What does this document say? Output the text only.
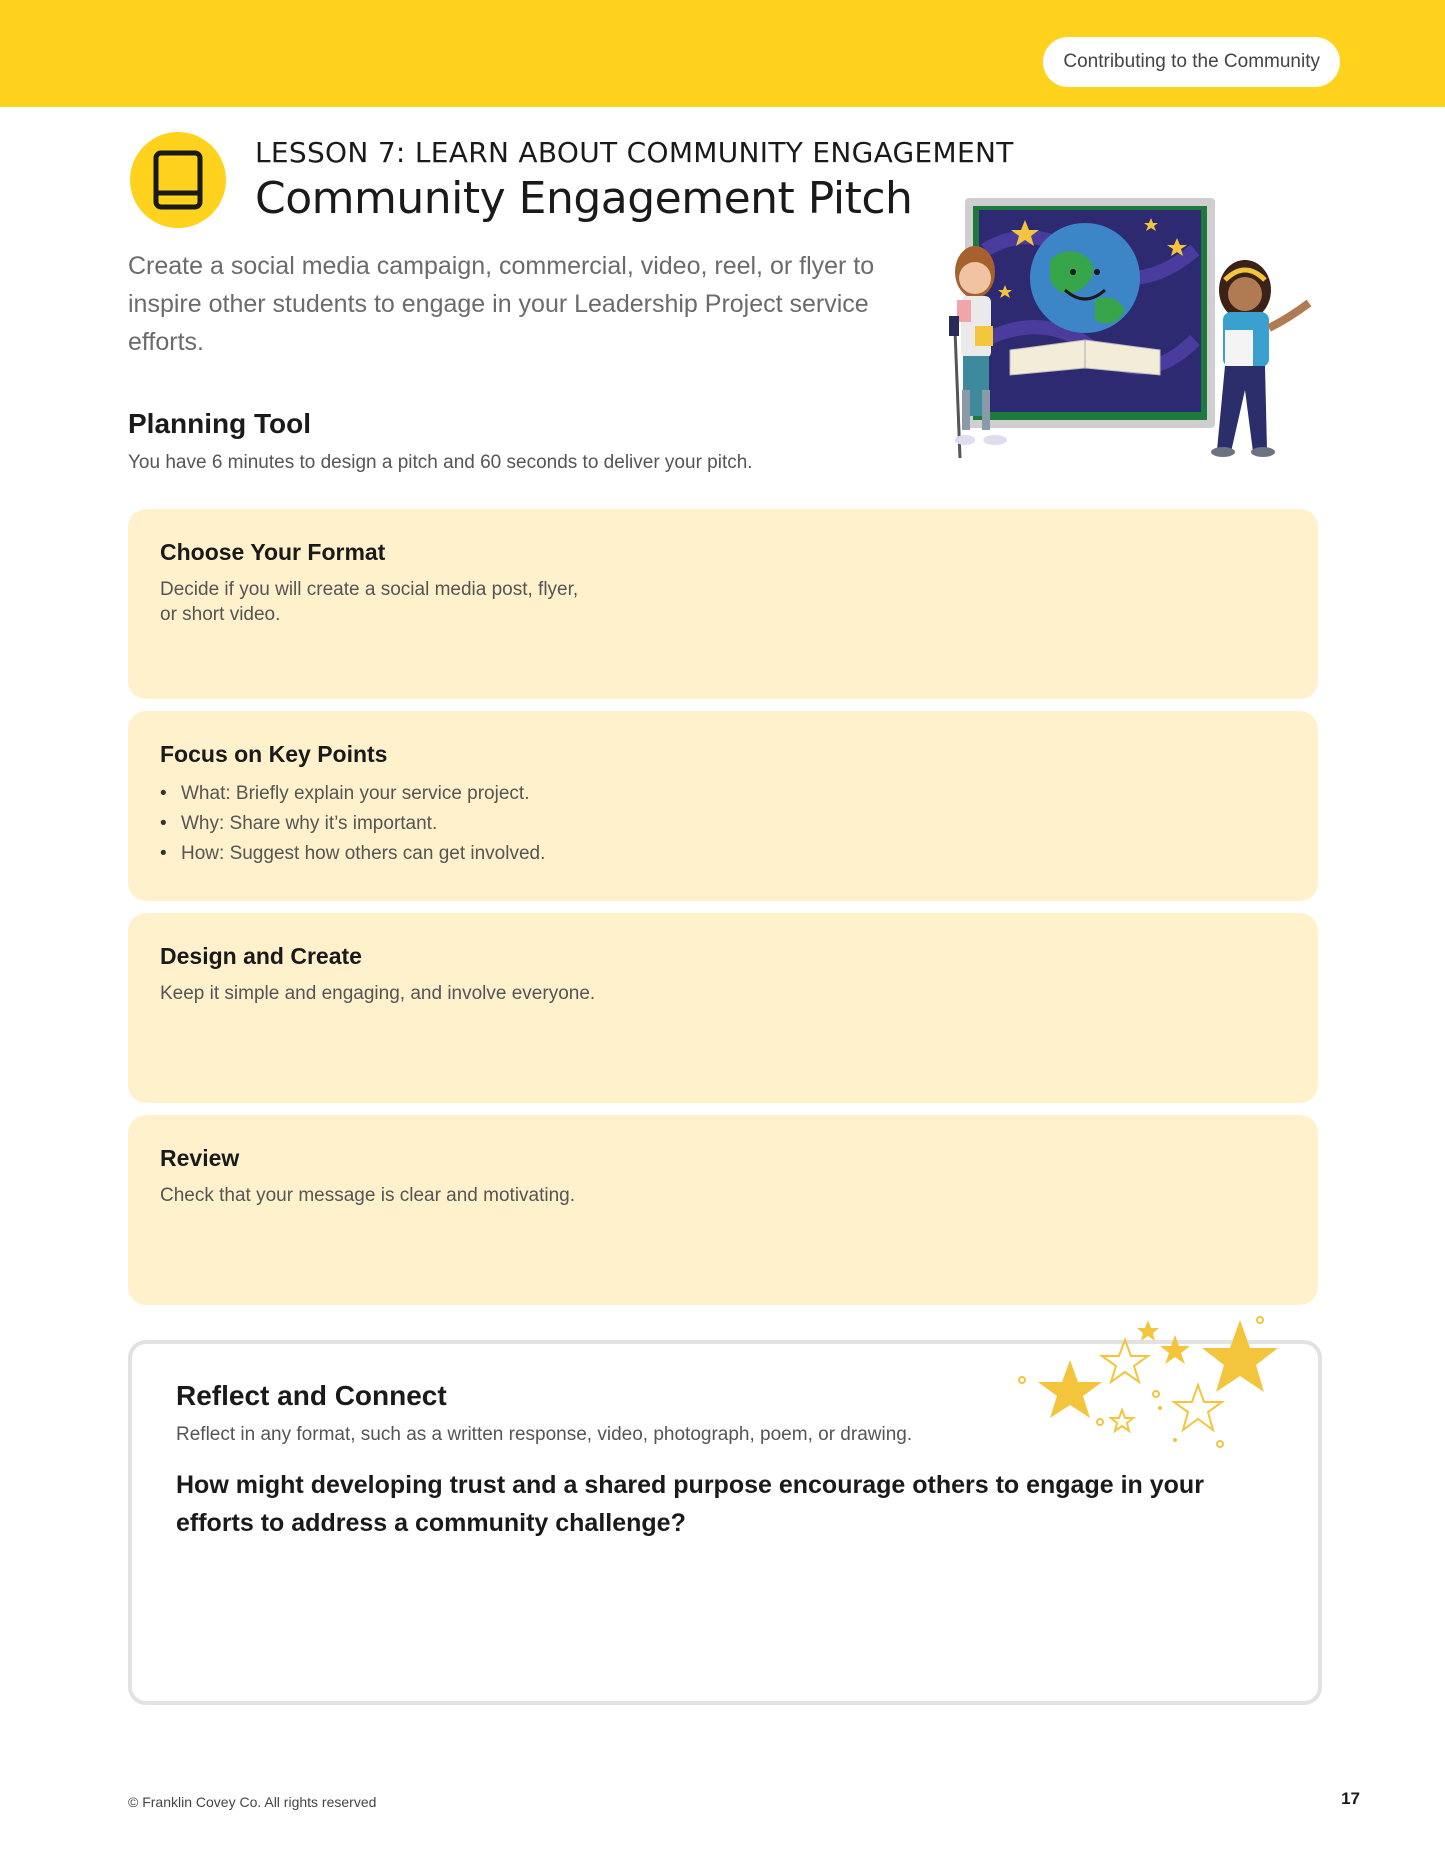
Contributing to the Community
LESSON 7: LEARN ABOUT COMMUNITY ENGAGEMENT
Community Engagement Pitch

Create a social media campaign, commercial, video, reel, or flyer to inspire other students to engage in your Leadership Project service efforts.

Planning Tool

You have 6 minutes to design a pitch and 60 seconds to deliver your pitch.

Choose Your Format

Decide if you will create a social media post, flyer,
or short video.

Focus on Key Points
• What: Briefly explain your service project.
• Why: Share why it’s important.
• How: Suggest how others can get involved.
Design and Create

Keep it simple and engaging, and involve everyone.

Review

Check that your message is clear and motivating.

Reflect and Connect

Reflect in any format, such as a written response, video, photograph, poem, or drawing.

How might developing trust and a shared purpose encourage others to engage in your efforts to address a community challenge?

© Franklin Covey Co. All rights reserved	17
